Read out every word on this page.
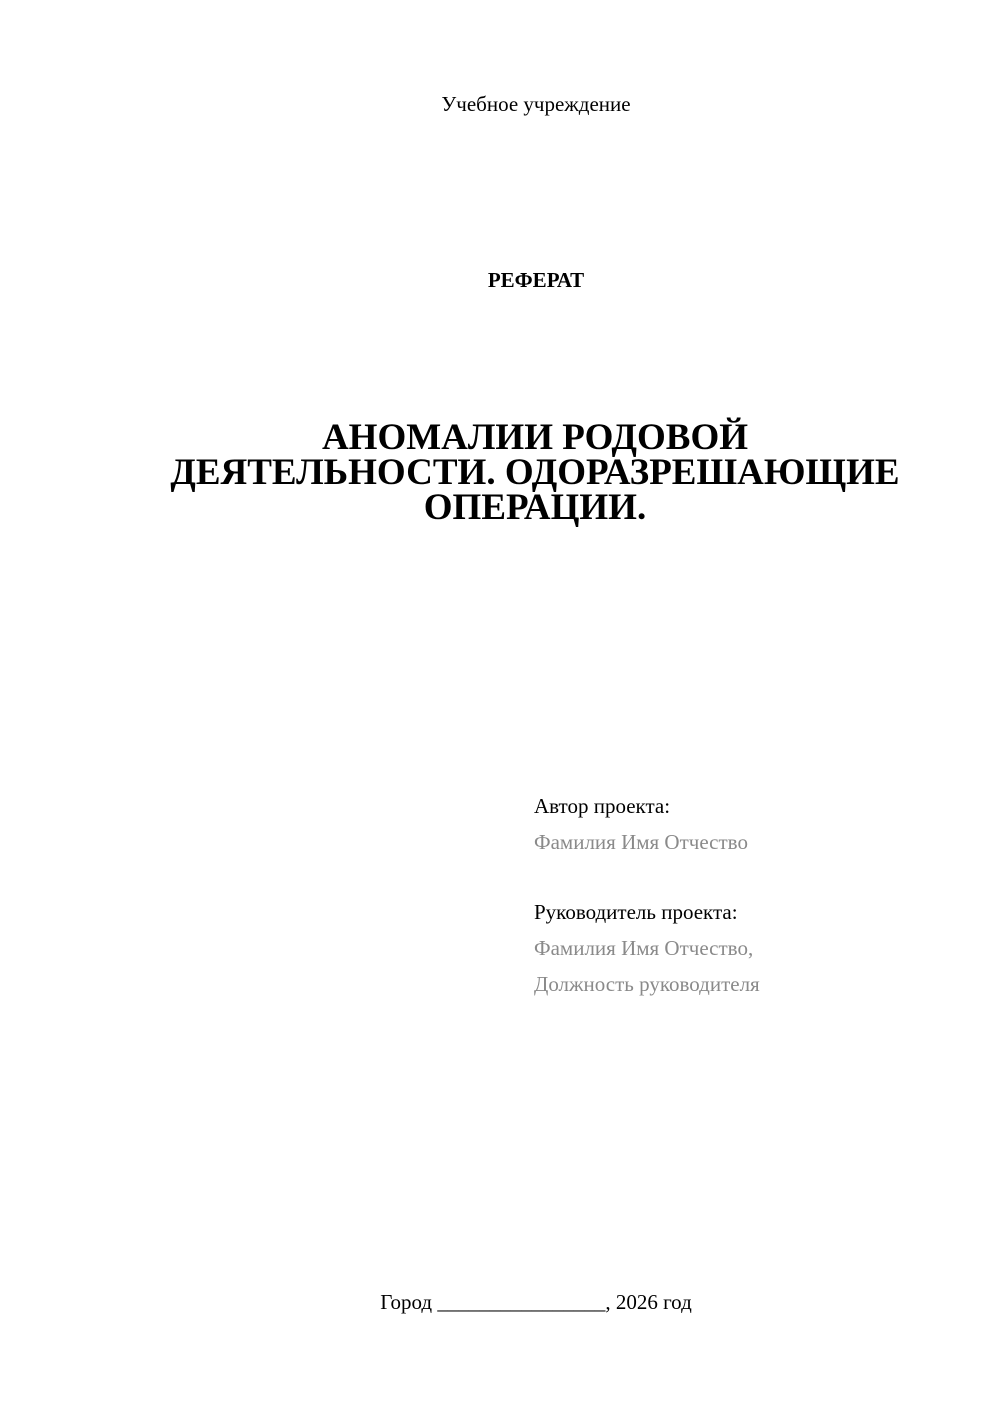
Учебное учреждение
РЕФЕРАТ
АНОМАЛИИ РОДОВОЙ
ДЕЯТЕЛЬНОСТИ. ОДОРАЗРЕШАЮЩИЕ
ОПЕРАЦИИ.
Автор проекта:
Фамилия Имя Отчество
Руководитель проекта:
Фамилия Имя Отчество,
Должность руководителя
Город ________________, 2026 год
